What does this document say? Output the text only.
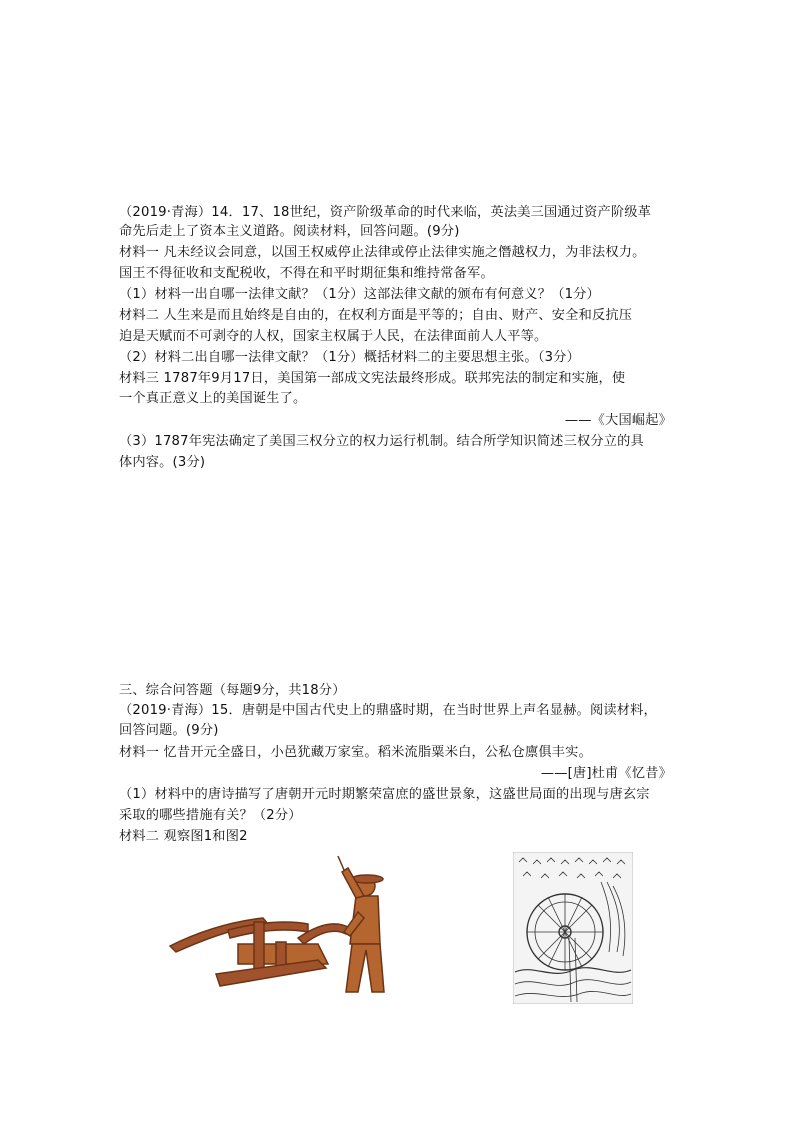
（2019·青海）14．17、18世纪，资产阶级革命的时代来临，英法美三国通过资产阶级革
命先后走上了资本主义道路。阅读材料，回答问题。(9分)
材料一 凡未经议会同意，以国王权威停止法律或停止法律实施之僭越权力，为非法权力。
国王不得征收和支配税收，不得在和平时期征集和维持常备军。
（1）材料一出自哪一法律文献？（1分）这部法律文献的颁布有何意义？（1分）
材料二 人生来是而且始终是自由的，在权利方面是平等的；自由、财产、安全和反抗压
迫是天赋而不可剥夺的人权，国家主权属于人民，在法律面前人人平等。
（2）材料二出自哪一法律文献？（1分）概括材料二的主要思想主张。（3分）
材料三 1787年9月17日，美国第一部成文宪法最终形成。联邦宪法的制定和实施，使
一个真正意义上的美国诞生了。
——《大国崛起》
（3）1787年宪法确定了美国三权分立的权力运行机制。结合所学知识简述三权分立的具
体内容。(3分)
三、综合问答题（每题9分，共18分）
（2019·青海）15．唐朝是中国古代史上的鼎盛时期，在当时世界上声名显赫。阅读材料，
回答问题。(9分)
材料一 忆昔开元全盛日，小邑犹藏万家室。稻米流脂粟米白，公私仓廪俱丰实。
——[唐]杜甫《忆昔》
（1）材料中的唐诗描写了唐朝开元时期繁荣富庶的盛世景象，这盛世局面的出现与唐玄宗
采取的哪些措施有关？（2分）
材料二 观察图1和图2
